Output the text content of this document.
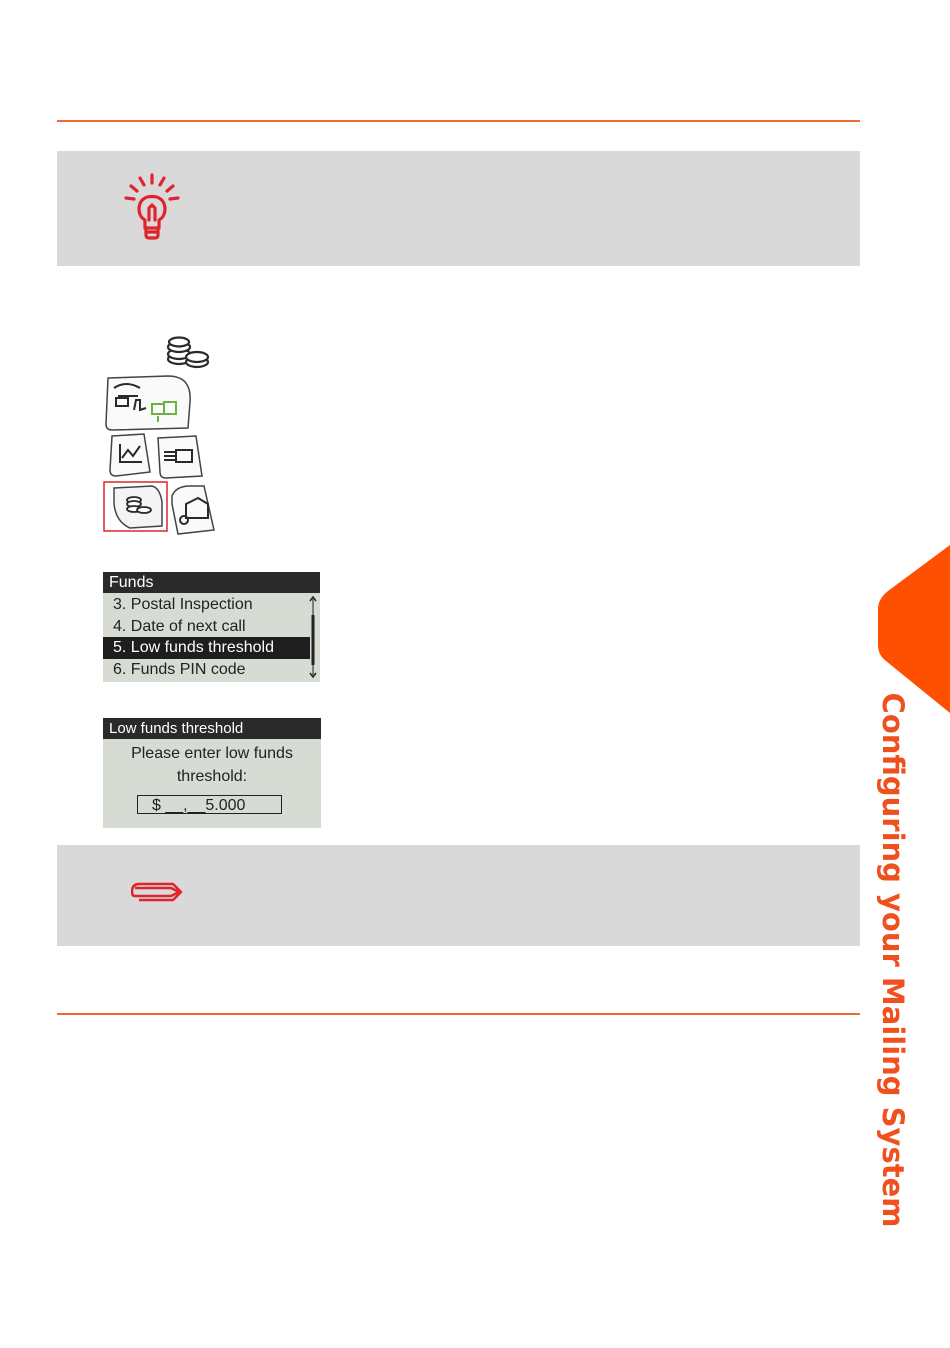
Funds
3. Postal Inspection
4. Date of next call
5. Low funds threshold
6. Funds PIN code
Low funds threshold
Please enter low funds
threshold:
$ __,__5.000	Configuring your Mailing System
